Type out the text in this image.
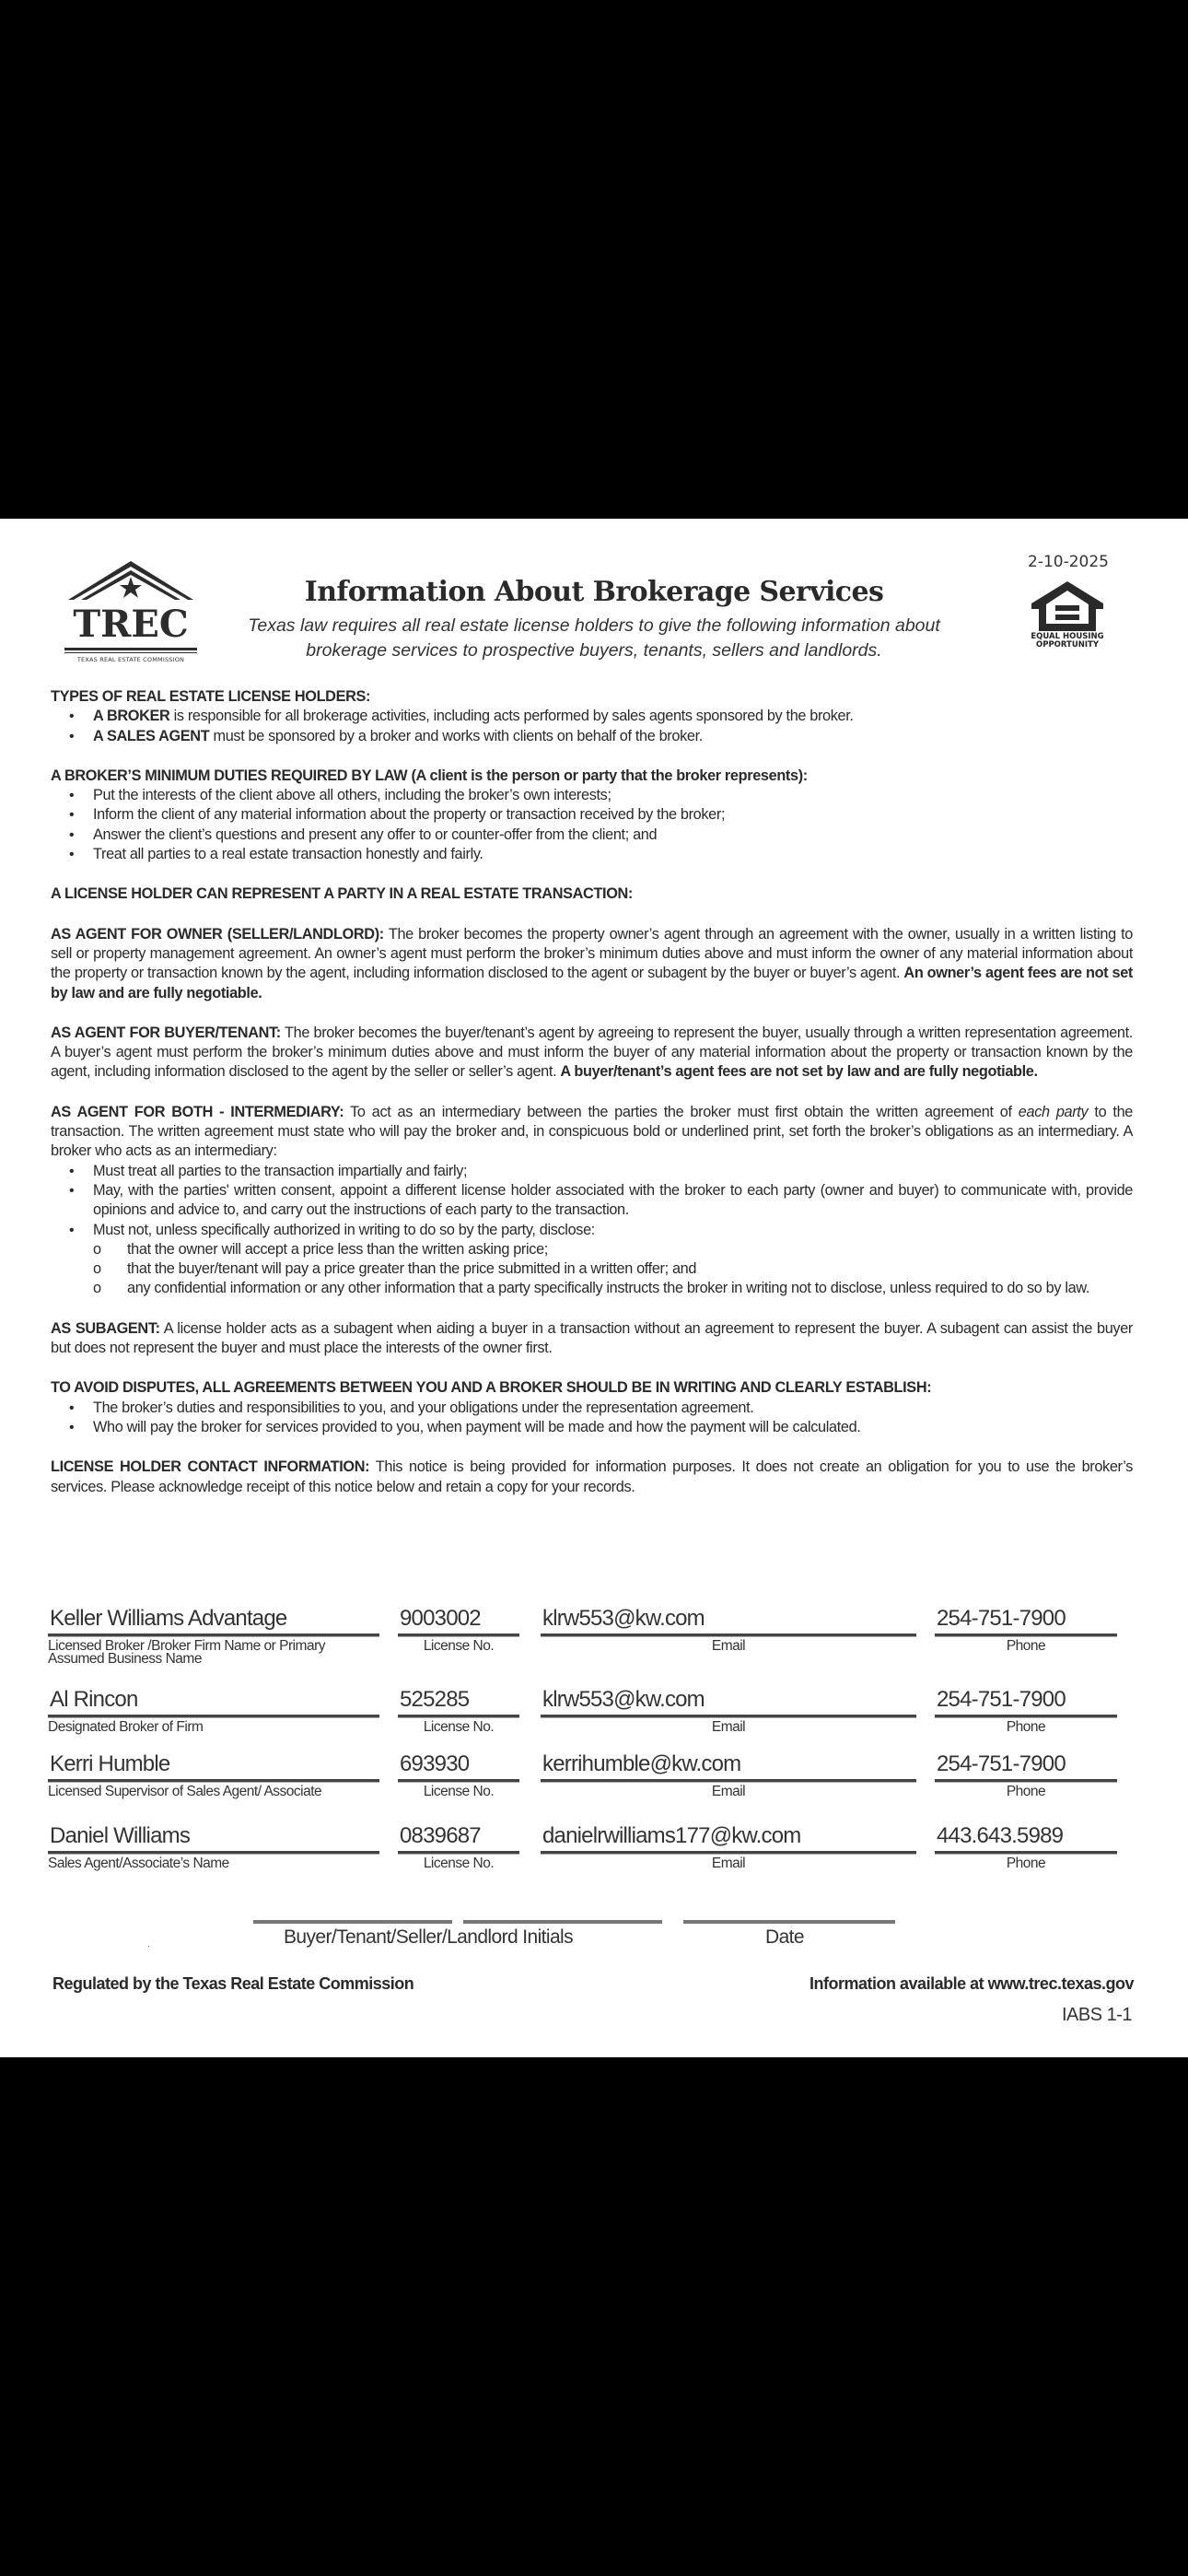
TREC
TEXAS REAL ESTATE COMMISSION
Information About Brokerage Services
Texas law requires all real estate license holders to give the following information about
brokerage services to prospective buyers, tenants, sellers and landlords.
2-10-2025
EQUAL HOUSING
OPPORTUNITY
TYPES OF REAL ESTATE LICENSE HOLDERS:
• A BROKER is responsible for all brokerage activities, including acts performed by sales agents sponsored by the broker.
• A SALES AGENT must be sponsored by a broker and works with clients on behalf of the broker.
A BROKER’S MINIMUM DUTIES REQUIRED BY LAW (A client is the person or party that the broker represents):
• Put the interests of the client above all others, including the broker’s own interests;
• Inform the client of any material information about the property or transaction received by the broker;
• Answer the client’s questions and present any offer to or counter-offer from the client; and
• Treat all parties to a real estate transaction honestly and fairly.
A LICENSE HOLDER CAN REPRESENT A PARTY IN A REAL ESTATE TRANSACTION:

AS AGENT FOR OWNER (SELLER/LANDLORD): The broker becomes the property owner’s agent through an agreement with the owner, usually in a written listing to sell or property management agreement. An owner’s agent must perform the broker’s minimum duties above and must inform the owner of any material information about the property or transaction known by the agent, including information disclosed to the agent or subagent by the buyer or buyer’s agent. An owner’s agent fees are not set by law and are fully negotiable.

AS AGENT FOR BUYER/TENANT: The broker becomes the buyer/tenant’s agent by agreeing to represent the buyer, usually through a written representation agreement. A buyer’s agent must perform the broker’s minimum duties above and must inform the buyer of any material information about the property or transaction known by the agent, including information disclosed to the agent by the seller or seller’s agent. A buyer/tenant’s agent fees are not set by law and are fully negotiable.

AS AGENT FOR BOTH - INTERMEDIARY: To act as an intermediary between the parties the broker must first obtain the written agreement of each party to the transaction. The written agreement must state who will pay the broker and, in conspicuous bold or underlined print, set forth the broker’s obligations as an intermediary. A broker who acts as an intermediary:

• Must treat all parties to the transaction impartially and fairly;
• May, with the parties' written consent, appoint a different license holder associated with the broker to each party (owner and buyer) to communicate with, provide opinions and advice to, and carry out the instructions of each party to the transaction.
• Must not, unless specifically authorized in writing to do so by the party, disclose:
o that the owner will accept a price less than the written asking price;
o that the buyer/tenant will pay a price greater than the price submitted in a written offer; and
o any confidential information or any other information that a party specifically instructs the broker in writing not to disclose, unless required to do so by law.

AS SUBAGENT: A license holder acts as a subagent when aiding a buyer in a transaction without an agreement to represent the buyer. A subagent can assist the buyer but does not represent the buyer and must place the interests of the owner first.

TO AVOID DISPUTES, ALL AGREEMENTS BETWEEN YOU AND A BROKER SHOULD BE IN WRITING AND CLEARLY ESTABLISH:
• The broker’s duties and responsibilities to you, and your obligations under the representation agreement.
• Who will pay the broker for services provided to you, when payment will be made and how the payment will be calculated.

LICENSE HOLDER CONTACT INFORMATION: This notice is being provided for information purposes. It does not create an obligation for you to use the broker’s services. Please acknowledge receipt of this notice below and retain a copy for your records.

Keller Williams Advantage
Licensed Broker /Broker Firm Name or Primary Assumed Business Name
9003002
License No.
klrw553@kw.com
Email
254-751-7900
Phone
Al Rincon
Designated Broker of Firm
525285
License No.
klrw553@kw.com
Email
254-751-7900
Phone
Kerri Humble
Licensed Supervisor of Sales Agent/ Associate
693930
License No.
kerrihumble@kw.com
Email
254-751-7900
Phone
Daniel Williams
Sales Agent/Associate’s Name
0839687
License No.
danielrwilliams177@kw.com
Email
443.643.5989
Phone
.	Buyer/Tenant/Seller/Landlord Initials	Date
Regulated by the Texas Real Estate Commission	Information available at www.trec.texas.gov
IABS 1-1
